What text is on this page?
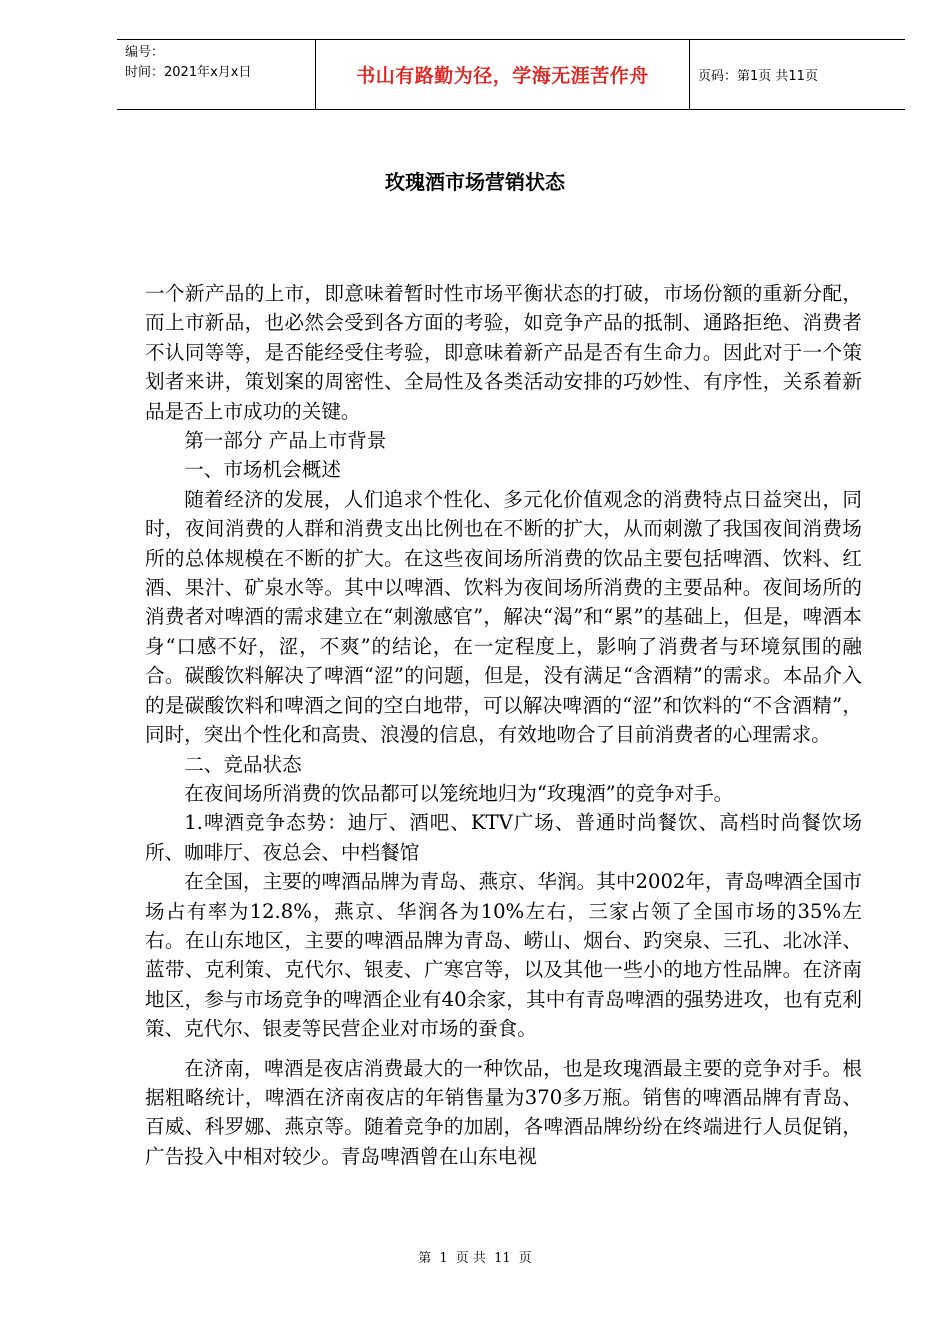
编号：
时间：2021年x月x日	书山有路勤为径，学海无涯苦作舟	页码：第1页 共11页
玫瑰酒市场营销状态

一个新产品的上市，即意味着暂时性市场平衡状态的打破，市场份额的重新分配，而上市新品，也必然会受到各方面的考验，如竞争产品的抵制、通路拒绝、消费者不认同等等，是否能经受住考验，即意味着新产品是否有生命力。因此对于一个策划者来讲，策划案的周密性、全局性及各类活动安排的巧妙性、有序性，关系着新品是否上市成功的关键。

第一部分 产品上市背景

一、市场机会概述

随着经济的发展，人们追求个性化、多元化价值观念的消费特点日益突出，同时，夜间消费的人群和消费支出比例也在不断的扩大，从而刺激了我国夜间消费场所的总体规模在不断的扩大。在这些夜间场所消费的饮品主要包括啤酒、饮料、红酒、果汁、矿泉水等。其中以啤酒、饮料为夜间场所消费的主要品种。夜间场所的消费者对啤酒的需求建立在“刺激感官”，解决“渴”和“累”的基础上，但是，啤酒本身“口感不好，涩，不爽”的结论，在一定程度上，影响了消费者与环境氛围的融合。碳酸饮料解决了啤酒“涩”的问题，但是，没有满足“含酒精”的需求。本品介入的是碳酸饮料和啤酒之间的空白地带，可以解决啤酒的“涩”和饮料的“不含酒精”，同时，突出个性化和高贵、浪漫的信息，有效地吻合了目前消费者的心理需求。

二、竞品状态

在夜间场所消费的饮品都可以笼统地归为“玫瑰酒”的竞争对手。

1.啤酒竞争态势：迪厅、酒吧、KTV广场、普通时尚餐饮、高档时尚餐饮场所、咖啡厅、夜总会、中档餐馆

在全国，主要的啤酒品牌为青岛、燕京、华润。其中2002年，青岛啤酒全国市场占有率为12.8%，燕京、华润各为10%左右，三家占领了全国市场的35%左右。在山东地区，主要的啤酒品牌为青岛、崂山、烟台、趵突泉、三孔、北冰洋、蓝带、克利策、克代尔、银麦、广寒宫等，以及其他一些小的地方性品牌。在济南地区，参与市场竞争的啤酒企业有40余家，其中有青岛啤酒的强势进攻，也有克利策、克代尔、银麦等民营企业对市场的蚕食。

在济南，啤酒是夜店消费最大的一种饮品，也是玫瑰酒最主要的竞争对手。根据粗略统计，啤酒在济南夜店的年销售量为370多万瓶。销售的啤酒品牌有青岛、百威、科罗娜、燕京等。随着竞争的加剧，各啤酒品牌纷纷在终端进行人员促销，广告投入中相对较少。青岛啤酒曾在山东电视

第 1 页 共 11 页
